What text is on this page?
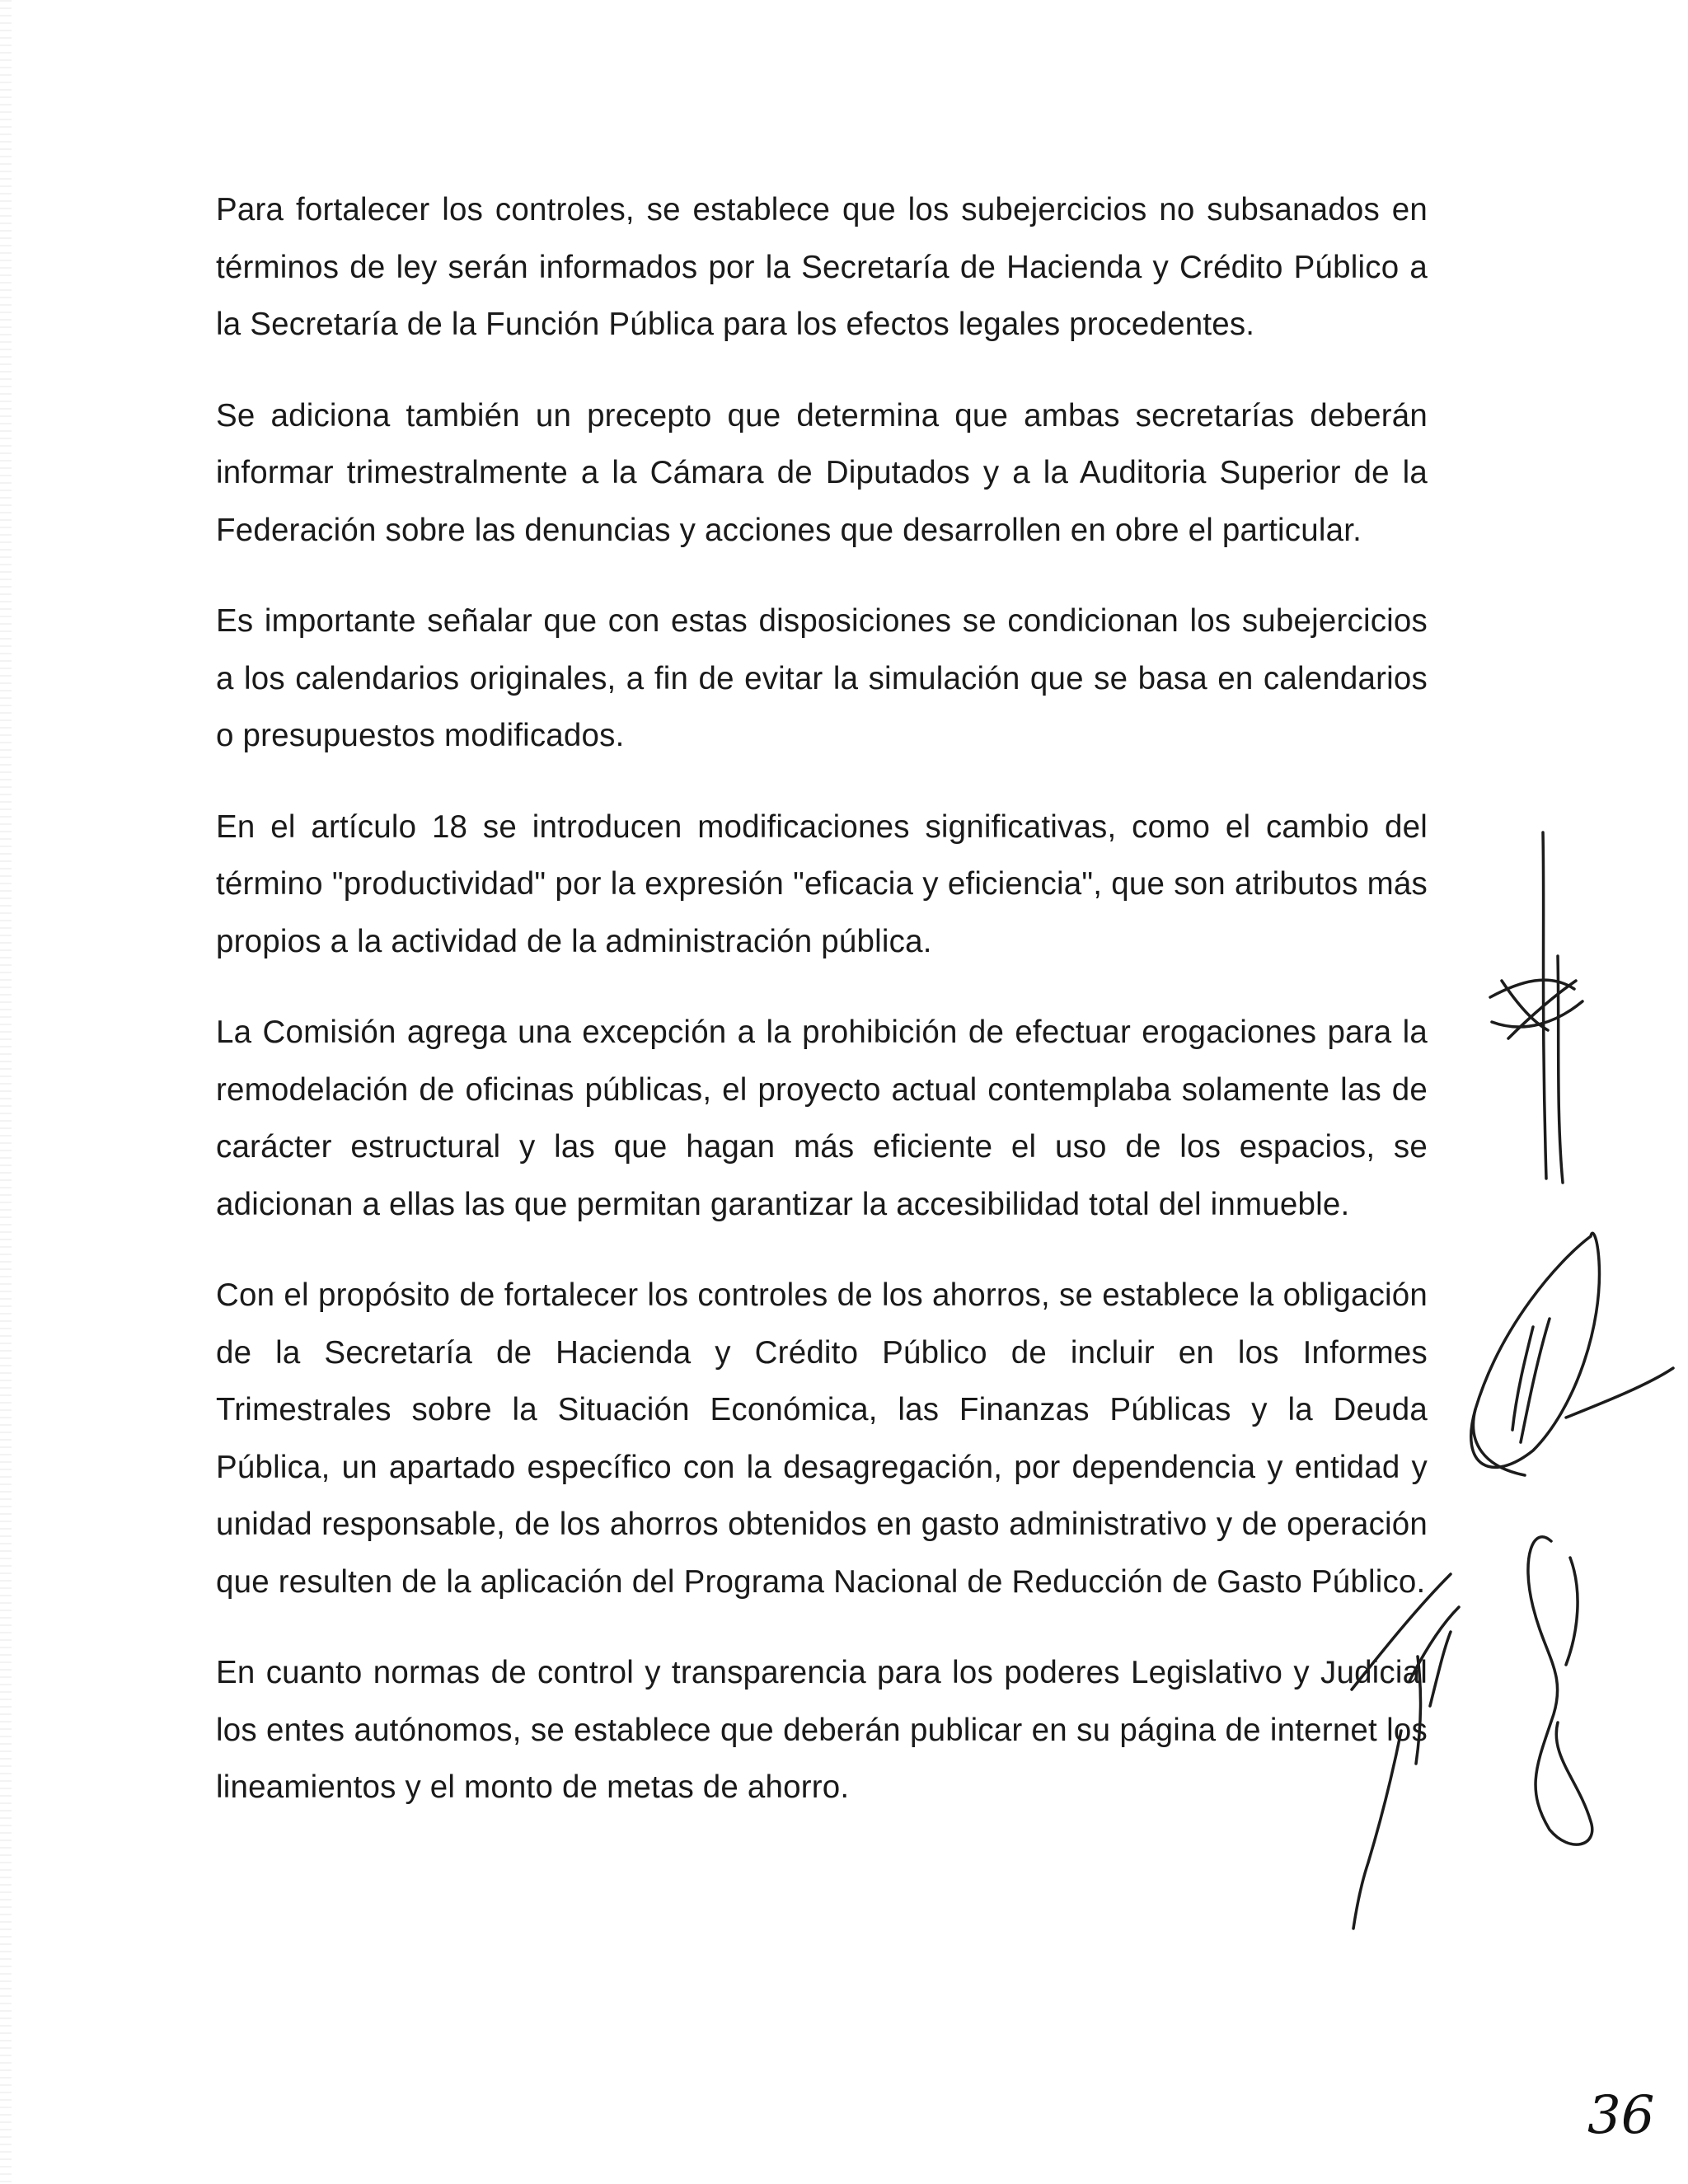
Para fortalecer los controles, se establece que los subejercicios no subsanados en términos de ley serán informados por la Secretaría de Hacienda y Crédito Público a la Secretaría de la Función Pública para los efectos legales procedentes.

Se adiciona también un precepto que determina que ambas secretarías deberán informar trimestralmente a la Cámara de Diputados y a la Auditoria Superior de la Federación sobre las denuncias y acciones que desarrollen en obre el particular.

Es importante señalar que con estas disposiciones se condicionan los subejercicios a los calendarios originales, a fin de evitar la simulación que se basa en calendarios o presupuestos modificados.

En el artículo 18 se introducen modificaciones significativas, como el cambio del término "productividad" por la expresión "eficacia y eficiencia", que son atributos más propios a la actividad de la administración pública.

La Comisión agrega una excepción a la prohibición de efectuar erogaciones para la remodelación de oficinas públicas, el proyecto actual contemplaba solamente las de carácter estructural y las que hagan más eficiente el uso de los espacios, se adicionan a ellas las que permitan garantizar la accesibilidad total del inmueble.

Con el propósito de fortalecer los controles de los ahorros, se establece la obligación de la Secretaría de Hacienda y Crédito Público de incluir en los Informes Trimestrales sobre la Situación Económica, las Finanzas Públicas y la Deuda Pública, un apartado específico con la desagregación, por dependencia y entidad y unidad responsable, de los ahorros obtenidos en gasto administrativo y de operación que resulten de la aplicación del Programa Nacional de Reducción de Gasto Público.

En cuanto normas de control y transparencia para los poderes Legislativo y Judicial los entes autónomos, se establece que deberán publicar en su página de internet los lineamientos y el monto de metas de ahorro.

36
